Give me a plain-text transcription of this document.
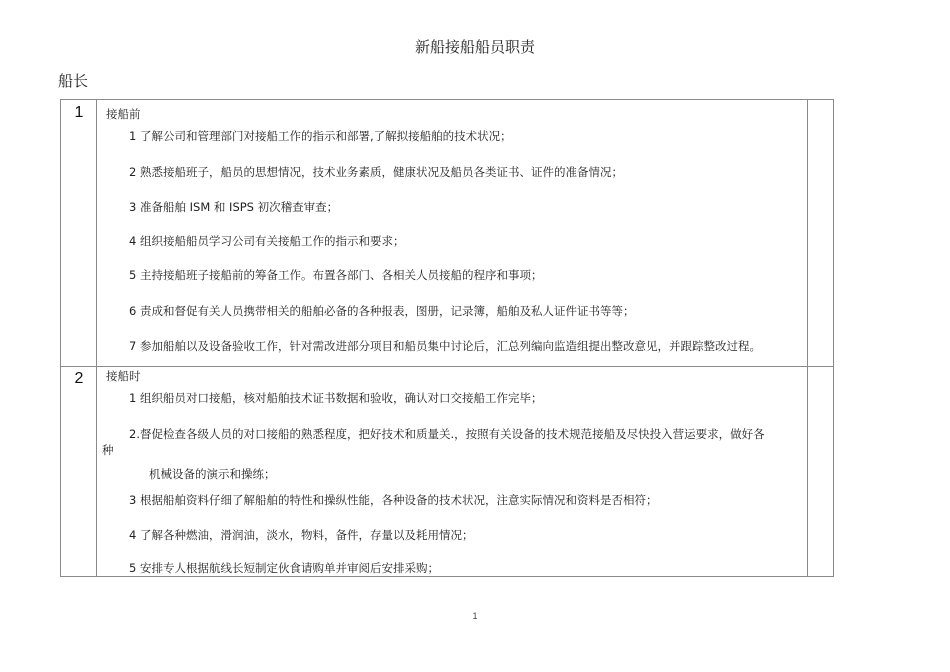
新船接船船员职责
船长
1	接船前
1 了解公司和管理部门对接船工作的指示和部署,了解拟接船舶的技术状况；
2 熟悉接船班子，船员的思想情况，技术业务素质，健康状况及船员各类证书、证件的准备情况；
3 准备船舶 ISM 和 ISPS 初次稽查审查；
4 组织接船船员学习公司有关接船工作的指示和要求；
5 主持接船班子接船前的筹备工作。布置各部门、各相关人员接船的程序和事项；
6 责成和督促有关人员携带相关的船舶必备的各种报表，图册，记录簿，船舶及私人证件证书等等；
7 参加船舶以及设备验收工作，针对需改进部分项目和船员集中讨论后，汇总列编向监造组提出整改意见，并跟踪整改过程。
2	接船时
1 组织船员对口接船，核对船舶技术证书数据和验收，确认对口交接船工作完毕；
2.督促检查各级人员的对口接船的熟悉程度，把好技术和质量关.，按照有关设备的技术规范接船及尽快投入营运要求，做好各
种
机械设备的演示和操练；
3 根据船舶资料仔细了解船舶的特性和操纵性能，各种设备的技术状况，注意实际情况和资料是否相符；
4 了解各种燃油，滑润油，淡水，物料，备件，存量以及耗用情况；
5 安排专人根据航线长短制定伙食请购单并审阅后安排采购；
1
